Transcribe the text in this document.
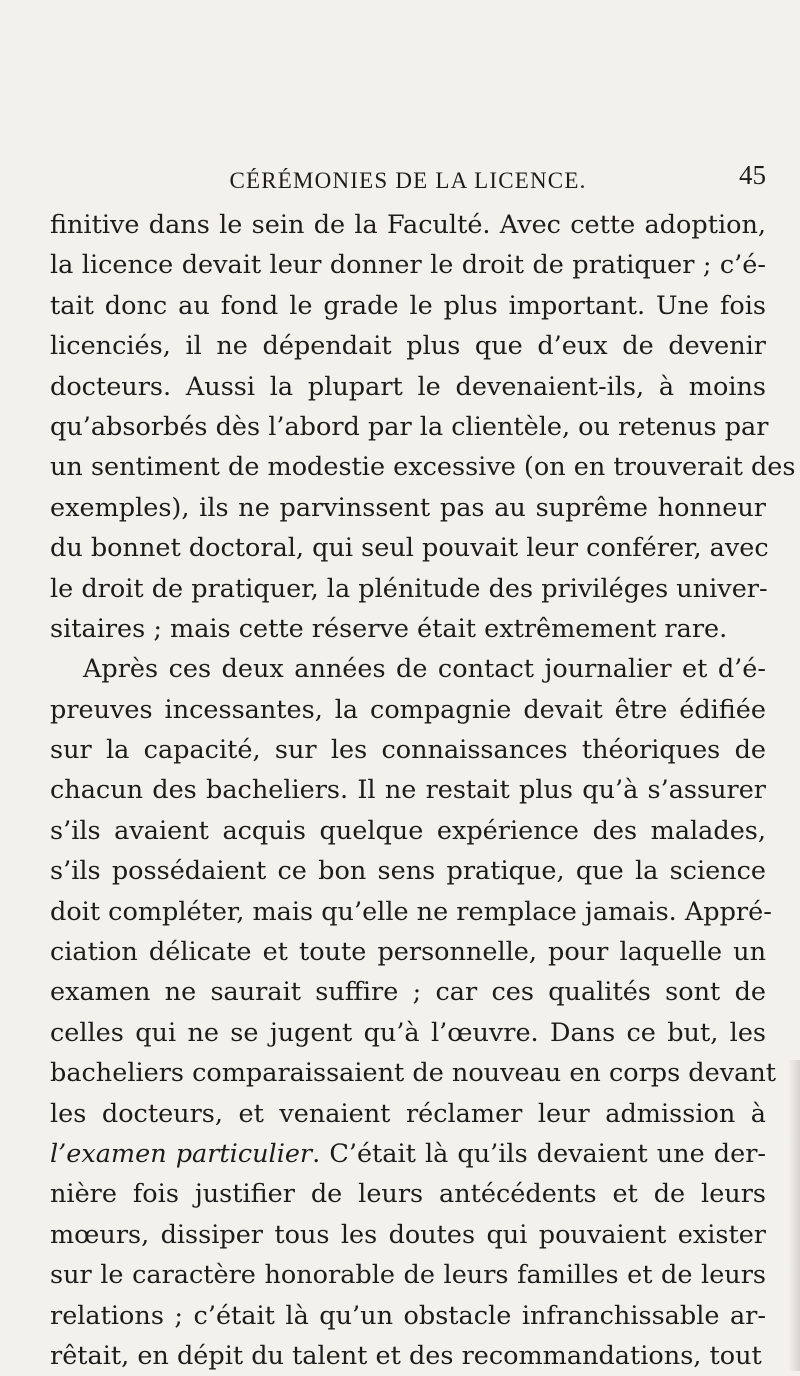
CÉRÉMONIES DE LA LICENCE.	45
finitive dans le sein de la Faculté. Avec cette adoption,
la licence devait leur donner le droit de pratiquer ; c’é-
tait donc au fond le grade le plus important. Une fois
licenciés, il ne dépendait plus que d’eux de devenir
docteurs. Aussi la plupart le devenaient-ils, à moins
qu’absorbés dès l’abord par la clientèle, ou retenus par
un sentiment de modestie excessive (on en trouverait des
exemples), ils ne parvinssent pas au suprême honneur
du bonnet doctoral, qui seul pouvait leur conférer, avec
le droit de pratiquer, la plénitude des priviléges univer-
sitaires ; mais cette réserve était extrêmement rare.
Après ces deux années de contact journalier et d’é-
preuves incessantes, la compagnie devait être édifiée
sur la capacité, sur les connaissances théoriques de
chacun des bacheliers. Il ne restait plus qu’à s’assurer
s’ils avaient acquis quelque expérience des malades,
s’ils possédaient ce bon sens pratique, que la science
doit compléter, mais qu’elle ne remplace jamais. Appré-
ciation délicate et toute personnelle, pour laquelle un
examen ne saurait suffire ; car ces qualités sont de
celles qui ne se jugent qu’à l’œuvre. Dans ce but, les
bacheliers comparaissaient de nouveau en corps devant
les docteurs, et venaient réclamer leur admission à
l’examen particulier. C’était là qu’ils devaient une der-
nière fois justifier de leurs antécédents et de leurs
mœurs, dissiper tous les doutes qui pouvaient exister
sur le caractère honorable de leurs familles et de leurs
relations ; c’était là qu’un obstacle infranchissable ar-
rêtait, en dépit du talent et des recommandations, tout
